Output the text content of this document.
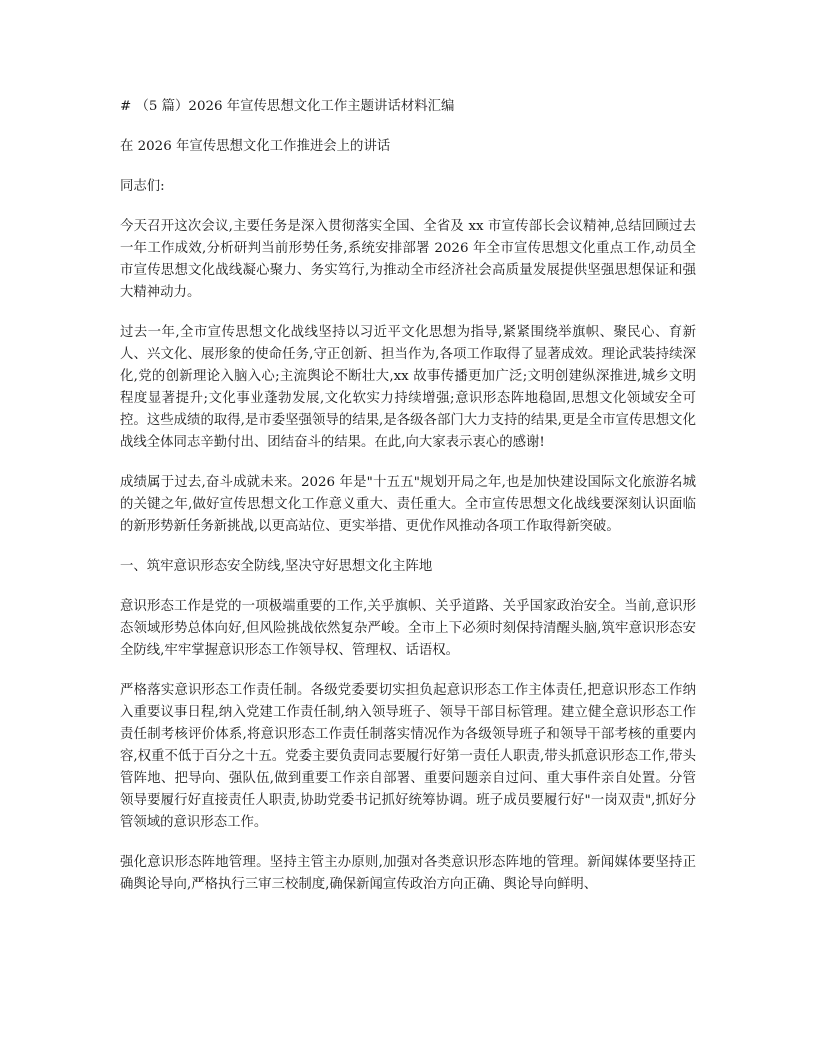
# （5 篇）2026 年宣传思想文化工作主题讲话材料汇编

在 2026 年宣传思想文化工作推进会上的讲话

同志们:

今天召开这次会议,主要任务是深入贯彻落实全国、全省及 xx 市宣传部长会议精神,总结回顾过去一年工作成效,分析研判当前形势任务,系统安排部署 2026 年全市宣传思想文化重点工作,动员全市宣传思想文化战线凝心聚力、务实笃行,为推动全市经济社会高质量发展提供坚强思想保证和强大精神动力。

过去一年,全市宣传思想文化战线坚持以习近平文化思想为指导,紧紧围绕举旗帜、聚民心、育新人、兴文化、展形象的使命任务,守正创新、担当作为,各项工作取得了显著成效。理论武装持续深化,党的创新理论入脑入心;主流舆论不断壮大,xx 故事传播更加广泛;文明创建纵深推进,城乡文明程度显著提升;文化事业蓬勃发展,文化软实力持续增强;意识形态阵地稳固,思想文化领域安全可控。这些成绩的取得,是市委坚强领导的结果,是各级各部门大力支持的结果,更是全市宣传思想文化战线全体同志辛勤付出、团结奋斗的结果。在此,向大家表示衷心的感谢!

成绩属于过去,奋斗成就未来。2026 年是"十五五"规划开局之年,也是加快建设国际文化旅游名城的关键之年,做好宣传思想文化工作意义重大、责任重大。全市宣传思想文化战线要深刻认识面临的新形势新任务新挑战,以更高站位、更实举措、更优作风推动各项工作取得新突破。

一、筑牢意识形态安全防线,坚决守好思想文化主阵地

意识形态工作是党的一项极端重要的工作,关乎旗帜、关乎道路、关乎国家政治安全。当前,意识形态领域形势总体向好,但风险挑战依然复杂严峻。全市上下必须时刻保持清醒头脑,筑牢意识形态安全防线,牢牢掌握意识形态工作领导权、管理权、话语权。

严格落实意识形态工作责任制。各级党委要切实担负起意识形态工作主体责任,把意识形态工作纳入重要议事日程,纳入党建工作责任制,纳入领导班子、领导干部目标管理。建立健全意识形态工作责任制考核评价体系,将意识形态工作责任制落实情况作为各级领导班子和领导干部考核的重要内容,权重不低于百分之十五。党委主要负责同志要履行好第一责任人职责,带头抓意识形态工作,带头管阵地、把导向、强队伍,做到重要工作亲自部署、重要问题亲自过问、重大事件亲自处置。分管领导要履行好直接责任人职责,协助党委书记抓好统筹协调。班子成员要履行好"一岗双责",抓好分管领域的意识形态工作。

强化意识形态阵地管理。坚持主管主办原则,加强对各类意识形态阵地的管理。新闻媒体要坚持正确舆论导向,严格执行三审三校制度,确保新闻宣传政治方向正确、舆论导向鲜明、
